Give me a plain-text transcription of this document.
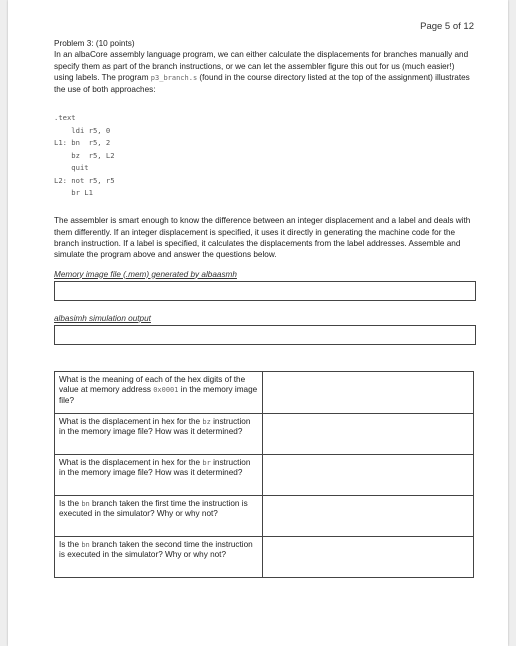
Page 5 of 12

Problem 3: (10 points)

In an albaCore assembly language program, we can either calculate the displacements for branches manually and specify them as part of the branch instructions, or we can let the assembler figure this out for us (much easier!) using labels. The program p3_branch.s (found in the course directory listed at the top of the assignment) illustrates the use of both approaches:

.text
ldi r5, 0
L1: bn  r5, 2
bz  r5, L2
quit
L2: not r5, r5
br L1

The assembler is smart enough to know the difference between an integer displacement and a label and deals with them differently. If an integer displacement is specified, it uses it directly in generating the machine code for the branch instruction. If a label is specified, it calculates the displacements from the label addresses. Assemble and simulate the program above and answer the questions below.

Memory image file (.mem) generated by albaasmh
albasimh simulation output
What is the meaning of each of the hex digits of the value at memory address 0x0001 in the memory image file?	
What is the displacement in hex for the bz instruction in the memory image file? How was it determined?	
What is the displacement in hex for the br instruction in the memory image file? How was it determined?	
Is the bn branch taken the first time the instruction is executed in the simulator? Why or why not?	
Is the bn branch taken the second time the instruction is executed in the simulator? Why or why not?	
